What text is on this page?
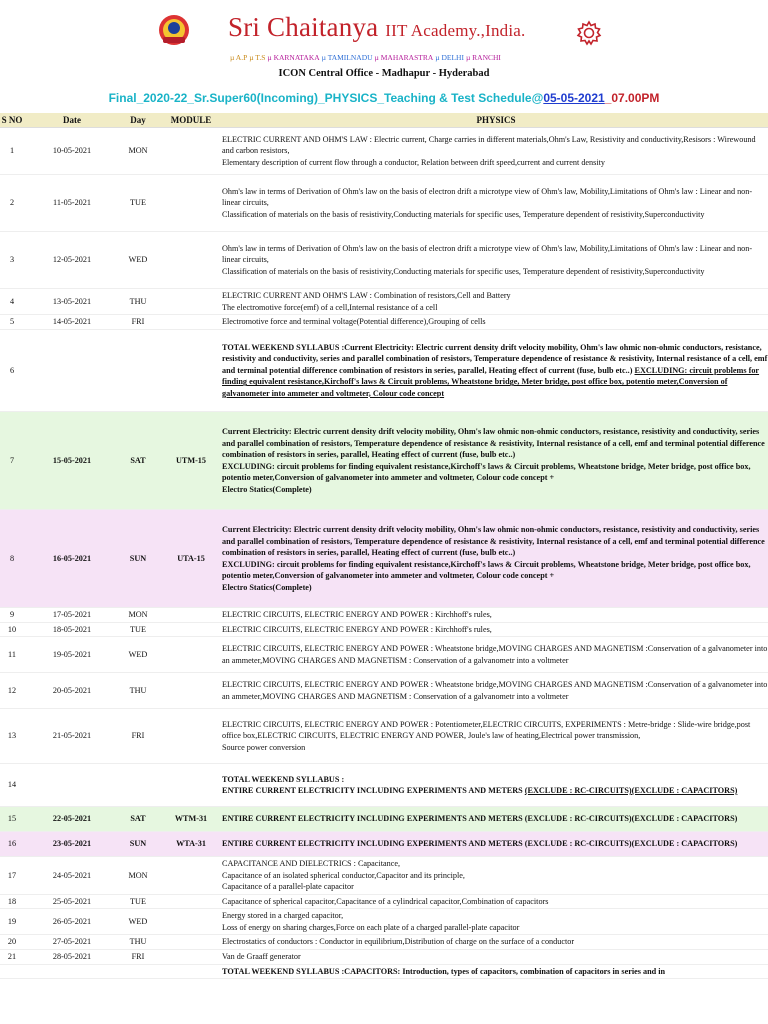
Sri Chaitanya IIT Academy.,India.
µ A.P µ T.S µ KARNATAKA µ TAMILNADU µ MAHARASTRA µ DELHI µ RANCHI
ICON Central Office - Madhapur - Hyderabad
Final_2020-22_Sr.Super60(Incoming)_PHYSICS_Teaching & Test Schedule@05-05-2021_07.00PM
S NO	Date	Day	MODULE	PHYSICS
1	10-05-2021	MON		ELECTRIC CURRENT AND OHM'S LAW : Electric current, Charge carries in different materials,Ohm's Law, Resistivity and conductivity,Resisors : Wirewound and carbon resistors,
Elementary description of current flow through a conductor, Relation between drift speed,current and current density
2	11-05-2021	TUE		Ohm's law in terms of Derivation of Ohm's law on the basis of electron drift a microtype view of Ohm's law, Mobility,Limitations of Ohm's law : Linear and non-linear circuits,
Classification of materials on the basis of resistivity,Conducting materials for specific uses, Temperature dependent of resistivity,Superconductivity
3	12-05-2021	WED		Ohm's law in terms of Derivation of Ohm's law on the basis of electron drift a microtype view of Ohm's law, Mobility,Limitations of Ohm's law : Linear and non-linear circuits,
Classification of materials on the basis of resistivity,Conducting materials for specific uses, Temperature dependent of resistivity,Superconductivity
4	13-05-2021	THU		ELECTRIC CURRENT AND OHM'S LAW : Combination of resistors,Cell and Battery
The electromotive force(emf) of a cell,Internal resistance of a cell
5	14-05-2021	FRI		Electromotive force and terminal voltage(Potential difference),Grouping of cells
6				TOTAL WEEKEND SYLLABUS :Current Electricity: Electric current density drift velocity mobility, Ohm's law ohmic non-ohmic conductors, resistance, resistivity and conductivity, series and parallel combination of resistors, Temperature dependence of resistance & resistivity, Internal resistance of a cell, emf and terminal potential difference combination of resistors in series, parallel, Heating effect of current (fuse, bulb etc..) EXCLUDING: circuit problems for finding equivalent resistance,Kirchoff's laws & Circuit problems, Wheatstone bridge, Meter bridge, post office box, potentio meter,Conversion of galvanometer into ammeter and voltmeter, Colour code concept
7	15-05-2021	SAT	UTM-15	Current Electricity: Electric current density drift velocity mobility, Ohm's law ohmic non-ohmic conductors, resistance, resistivity and conductivity, series and parallel combination of resistors, Temperature dependence of resistance & resistivity, Internal resistance of a cell, emf and terminal potential difference combination of resistors in series, parallel, Heating effect of current (fuse, bulb etc..)
EXCLUDING: circuit problems for finding equivalent resistance,Kirchoff's laws & Circuit problems, Wheatstone bridge, Meter bridge, post office box, potentio meter,Conversion of galvanometer into ammeter and voltmeter, Colour code concept +
Electro Statics(Complete)
8	16-05-2021	SUN	UTA-15	Current Electricity: Electric current density drift velocity mobility, Ohm's law ohmic non-ohmic conductors, resistance, resistivity and conductivity, series and parallel combination of resistors, Temperature dependence of resistance & resistivity, Internal resistance of a cell, emf and terminal potential difference combination of resistors in series, parallel, Heating effect of current (fuse, bulb etc..)
EXCLUDING: circuit problems for finding equivalent resistance,Kirchoff's laws & Circuit problems, Wheatstone bridge, Meter bridge, post office box, potentio meter,Conversion of galvanometer into ammeter and voltmeter, Colour code concept +
Electro Statics(Complete)
9	17-05-2021	MON		ELECTRIC CIRCUITS, ELECTRIC ENERGY AND POWER : Kirchhoff's rules,
10	18-05-2021	TUE		ELECTRIC CIRCUITS, ELECTRIC ENERGY AND POWER : Kirchhoff's rules,
11	19-05-2021	WED		ELECTRIC CIRCUITS, ELECTRIC ENERGY AND POWER : Wheatstone bridge,MOVING CHARGES AND MAGNETISM :Conservation of a galvanometer into an ammeter,MOVING CHARGES AND MAGNETISM : Conservation of a galvanometr into a voltmeter
12	20-05-2021	THU		ELECTRIC CIRCUITS, ELECTRIC ENERGY AND POWER : Wheatstone bridge,MOVING CHARGES AND MAGNETISM :Conservation of a galvanometer into an ammeter,MOVING CHARGES AND MAGNETISM : Conservation of a galvanometr into a voltmeter
13	21-05-2021	FRI		ELECTRIC CIRCUITS, ELECTRIC ENERGY AND POWER : Potentiometer,ELECTRIC CIRCUITS, EXPERIMENTS : Metre-bridge : Slide-wire bridge,post office box,ELECTRIC CIRCUITS, ELECTRIC ENERGY AND POWER, Joule's law of heating,Electrical power transmission,
Source power conversion
14				TOTAL WEEKEND SYLLABUS :
ENTIRE CURRENT ELECTRICITY INCLUDING EXPERIMENTS AND METERS (EXCLUDE : RC-CIRCUITS)(EXCLUDE : CAPACITORS)
15	22-05-2021	SAT	WTM-31	ENTIRE CURRENT ELECTRICITY INCLUDING EXPERIMENTS AND METERS (EXCLUDE : RC-CIRCUITS)(EXCLUDE : CAPACITORS)
16	23-05-2021	SUN	WTA-31	ENTIRE CURRENT ELECTRICITY INCLUDING EXPERIMENTS AND METERS (EXCLUDE : RC-CIRCUITS)(EXCLUDE : CAPACITORS)
17	24-05-2021	MON		CAPACITANCE AND DIELECTRICS : Capacitance,
Capacitance of an isolated spherical conductor,Capacitor and its principle,
Capacitance of a parallel-plate capacitor
18	25-05-2021	TUE		Capacitance of spherical capacitor,Capacitance of a cylindrical capacitor,Combination of capacitors
19	26-05-2021	WED		Energy stored in a charged capacitor,
Loss of energy on sharing charges,Force on each plate of a charged parallel-plate capacitor
20	27-05-2021	THU		Electrostatics of conductors : Conductor in equilibrium,Distribution of charge on the surface of a conductor
21	28-05-2021	FRI		Van de Graaff generator
				TOTAL WEEKEND SYLLABUS :CAPACITORS: Introduction, types of capacitors, combination of capacitors in series and in
